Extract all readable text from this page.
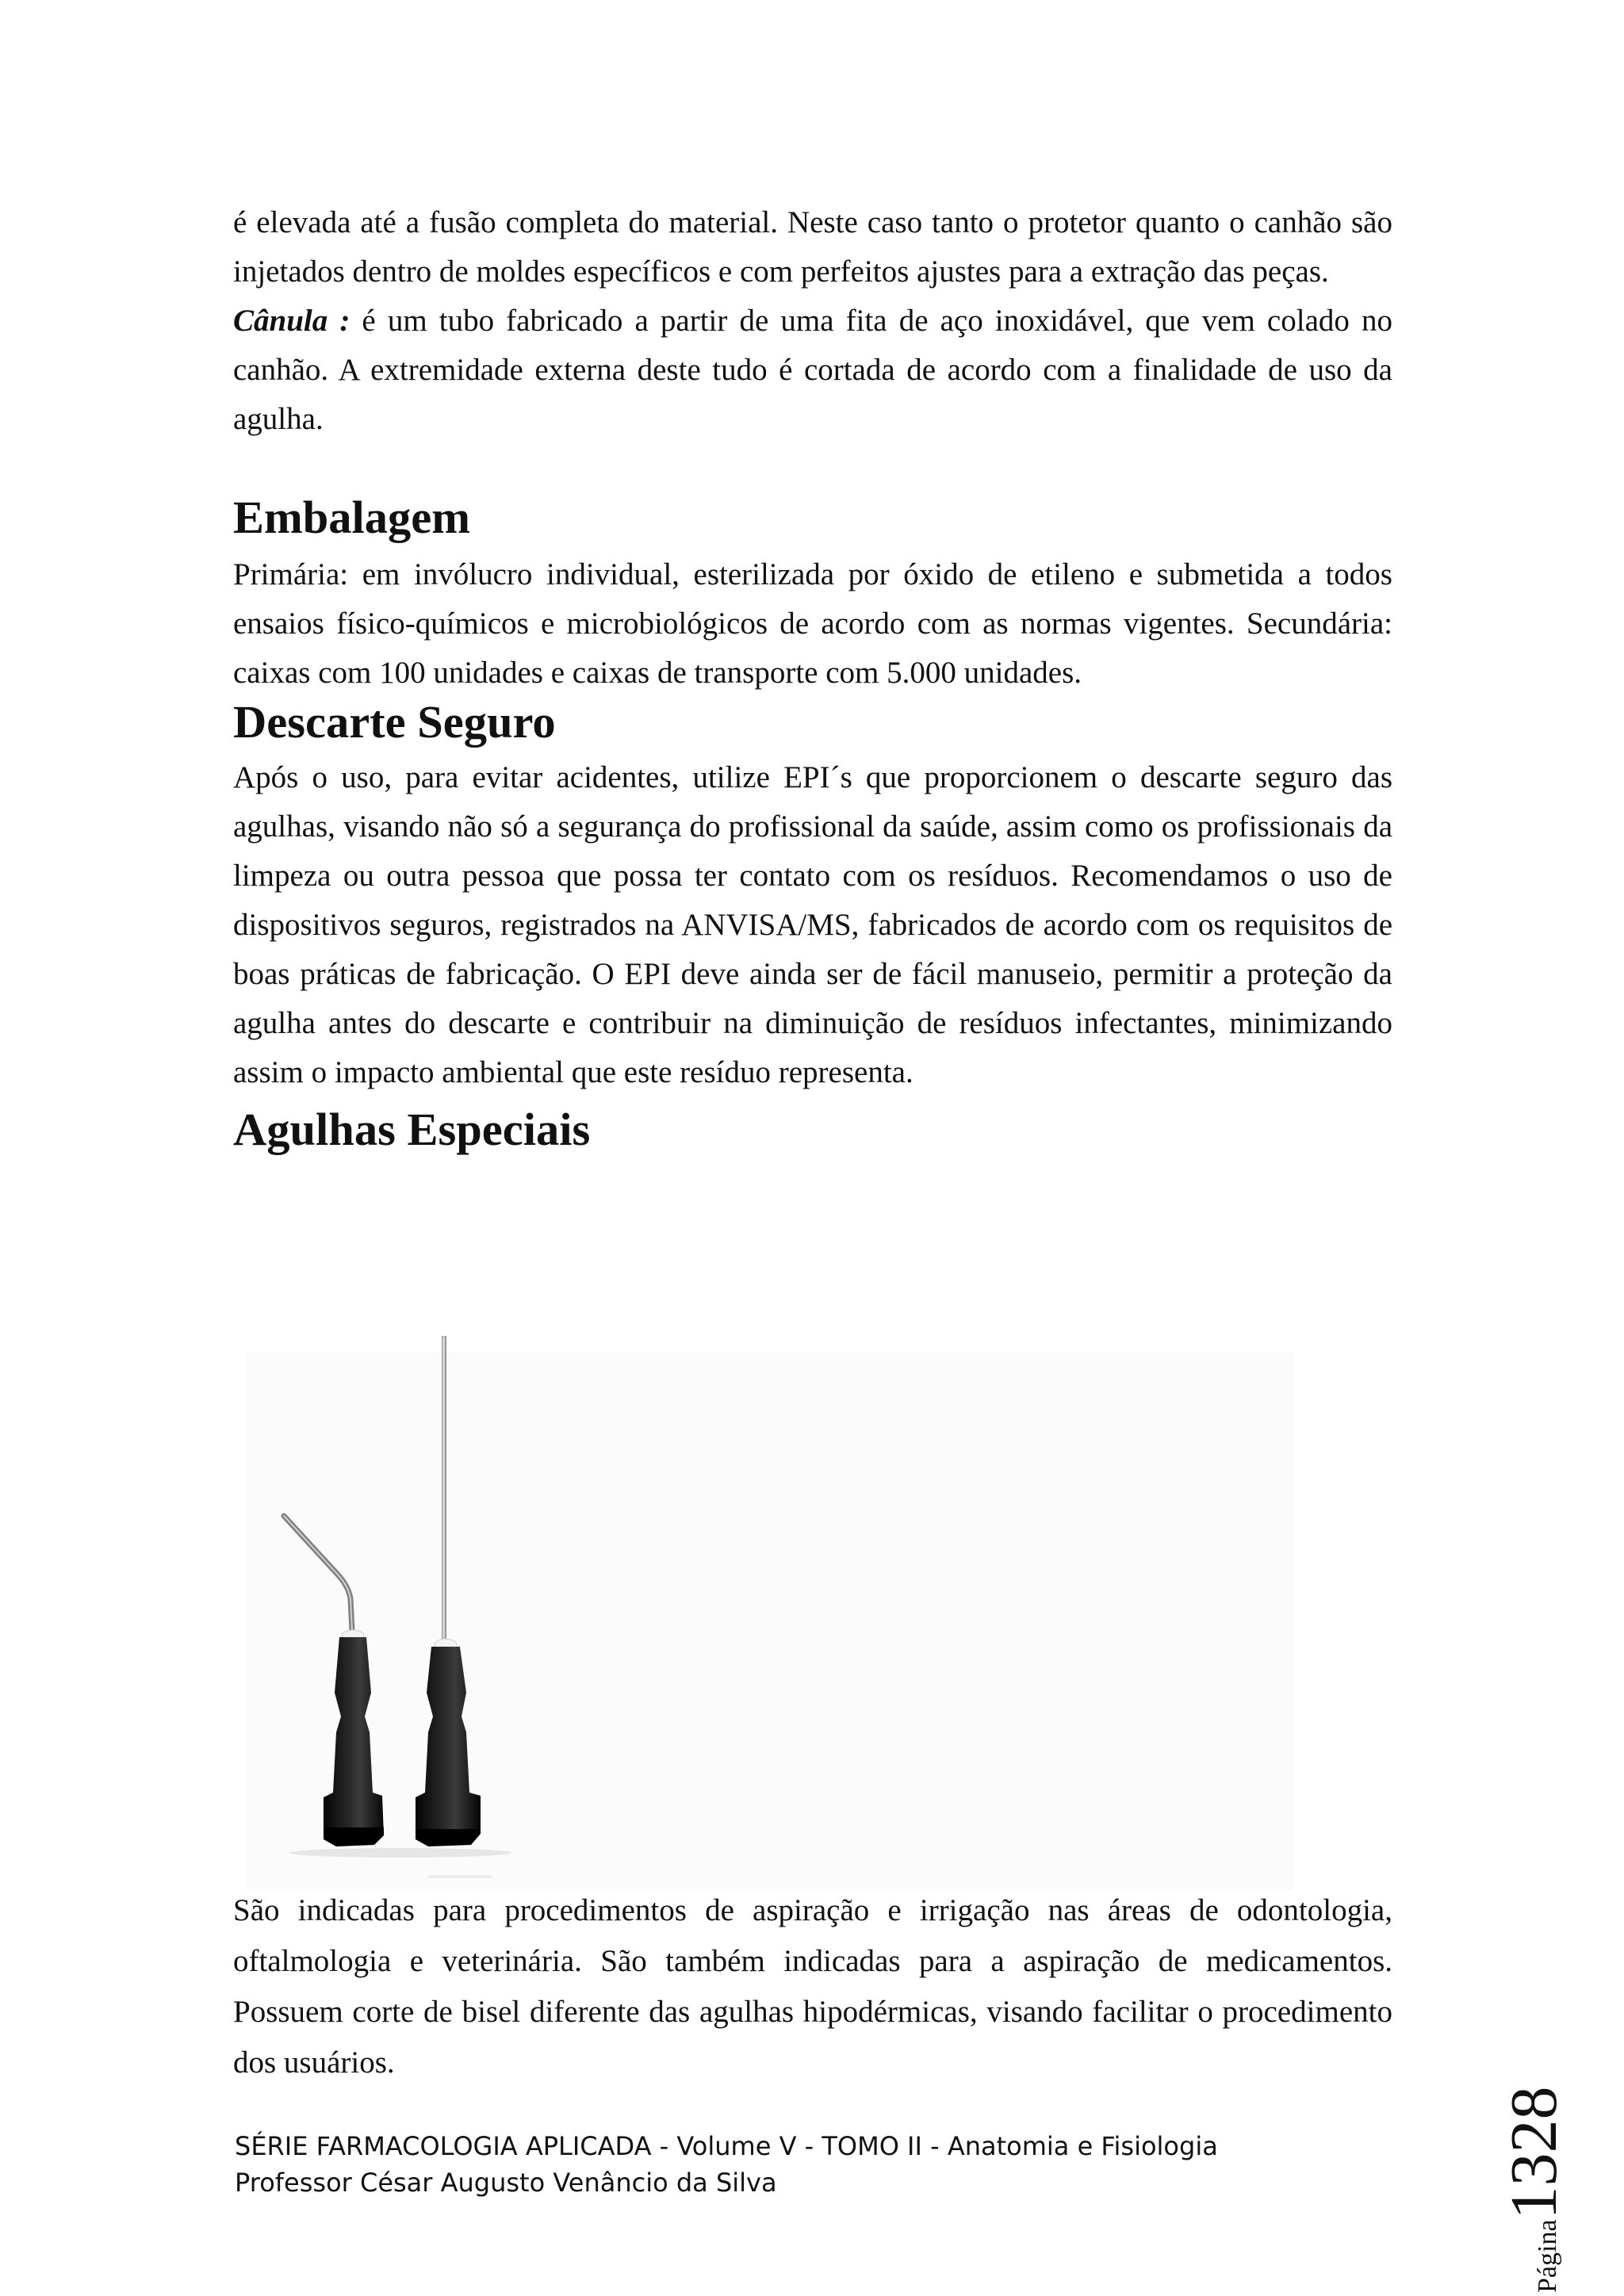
é elevada até a fusão completa do material. Neste caso tanto o protetor quanto o canhão são injetados dentro de moldes específicos e com perfeitos ajustes para a extração das peças.
Cânula : é um tubo fabricado a partir de uma fita de aço inoxidável, que vem colado no canhão. A extremidade externa deste tudo é cortada de acordo com a finalidade de uso da agulha.

Embalagem

Primária: em invólucro individual, esterilizada por óxido de etileno e submetida a todos ensaios físico-químicos e microbiológicos de acordo com as normas vigentes. Secundária: caixas com 100 unidades e caixas de transporte com 5.000 unidades.

Descarte Seguro

Após o uso, para evitar acidentes, utilize EPI´s que proporcionem o descarte seguro das agulhas, visando não só a segurança do profissional da saúde, assim como os profissionais da limpeza ou outra pessoa que possa ter contato com os resíduos. Recomendamos o uso de dispositivos seguros, registrados na ANVISA/MS, fabricados de acordo com os requisitos de boas práticas de fabricação. O EPI deve ainda ser de fácil manuseio, permitir a proteção da agulha antes do descarte e contribuir na diminuição de resíduos infectantes, minimizando assim o impacto ambiental que este resíduo representa.

Agulhas Especiais

São indicadas para procedimentos de aspiração e irrigação nas áreas de odontologia, oftalmologia e veterinária. São também indicadas para a aspiração de medicamentos. Possuem corte de bisel diferente das agulhas hipodérmicas, visando facilitar o procedimento dos usuários.

SÉRIE FARMACOLOGIA APLICADA - Volume V - TOMO II - Anatomia e Fisiologia
Professor César Augusto Venâncio da Silva
Página1328
